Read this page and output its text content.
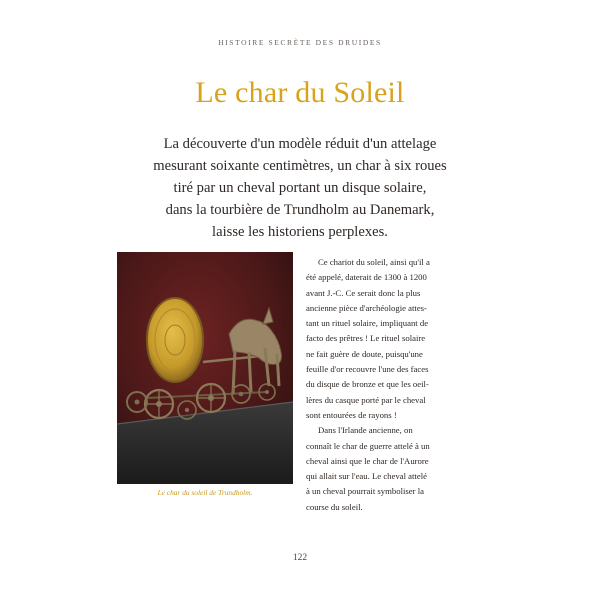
HISTOIRE SECRÈTE DES DRUIDES
Le char du Soleil
La découverte d'un modèle réduit d'un attelage
mesurant soixante centimètres, un char à six roues
tiré par un cheval portant un disque solaire,
dans la tourbière de Trundholm au Danemark,
laisse les historiens perplexes.
Le char du soleil de Trundholm.
Ce chariot du soleil, ainsi qu'il a
été appelé, daterait de 1300 à 1200
avant J.-C. Ce serait donc la plus
ancienne pièce d'archéologie attes-
tant un rituel solaire, impliquant de
facto des prêtres ! Le rituel solaire
ne fait guère de doute, puisqu'une
feuille d'or recouvre l'une des faces
du disque de bronze et que les oeil-
lères du casque porté par le cheval
sont entourées de rayons !
Dans l'Irlande ancienne, on
connaît le char de guerre attelé à un
cheval ainsi que le char de l'Aurore
qui allait sur l'eau. Le cheval attelé
à un cheval pourrait symboliser la
course du soleil.
122
